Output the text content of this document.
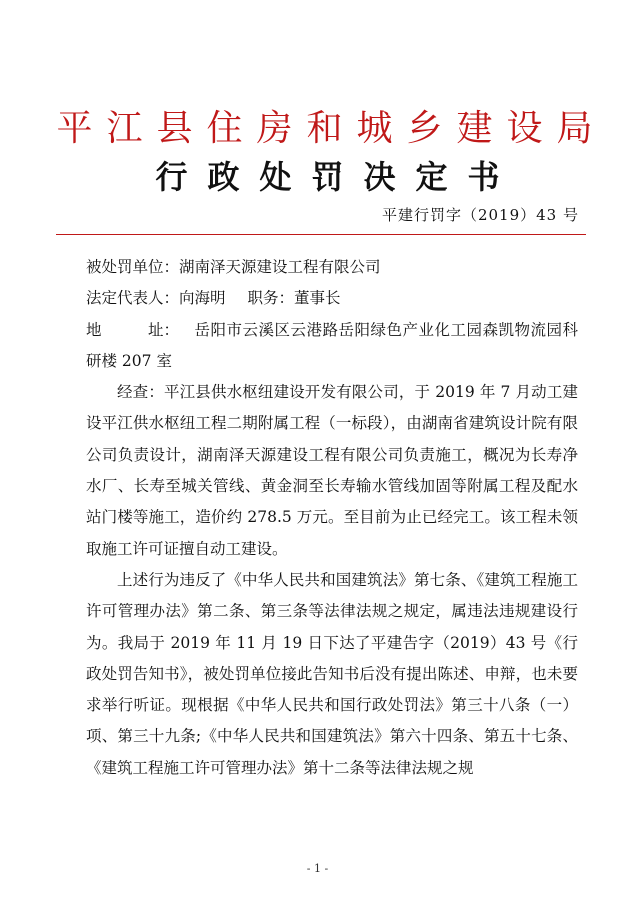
平江县住房和城乡建设局
行政处罚决定书
平建行罚字（2019）43 号
被处罚单位：湖南泽天源建设工程有限公司
法定代表人：向海明 职务：董事长
地	址： 岳阳市云溪区云港路岳阳绿色产业化工园森凯物流园科研楼 207 室

经查：平江县供水枢纽建设开发有限公司，于 2019 年 7 月动工建设平江供水枢纽工程二期附属工程（一标段），由湖南省建筑设计院有限公司负责设计，湖南泽天源建设工程有限公司负责施工，概况为长寿净水厂、长寿至城关管线、黄金洞至长寿输水管线加固等附属工程及配水站门楼等施工，造价约 278.5 万元。至目前为止已经完工。该工程未领取施工许可证擅自动工建设。

上述行为违反了《中华人民共和国建筑法》第七条、《建筑工程施工许可管理办法》第二条、第三条等法律法规之规定，属违法违规建设行为。我局于 2019 年 11 月 19 日下达了平建告字（2019）43 号《行政处罚告知书》，被处罚单位接此告知书后没有提出陈述、申辩，也未要求举行听证。现根据《中华人民共和国行政处罚法》第三十八条（一）项、第三十九条;《中华人民共和国建筑法》第六十四条、第五十七条、《建筑工程施工许可管理办法》第十二条等法律法规之规

- 1 -
